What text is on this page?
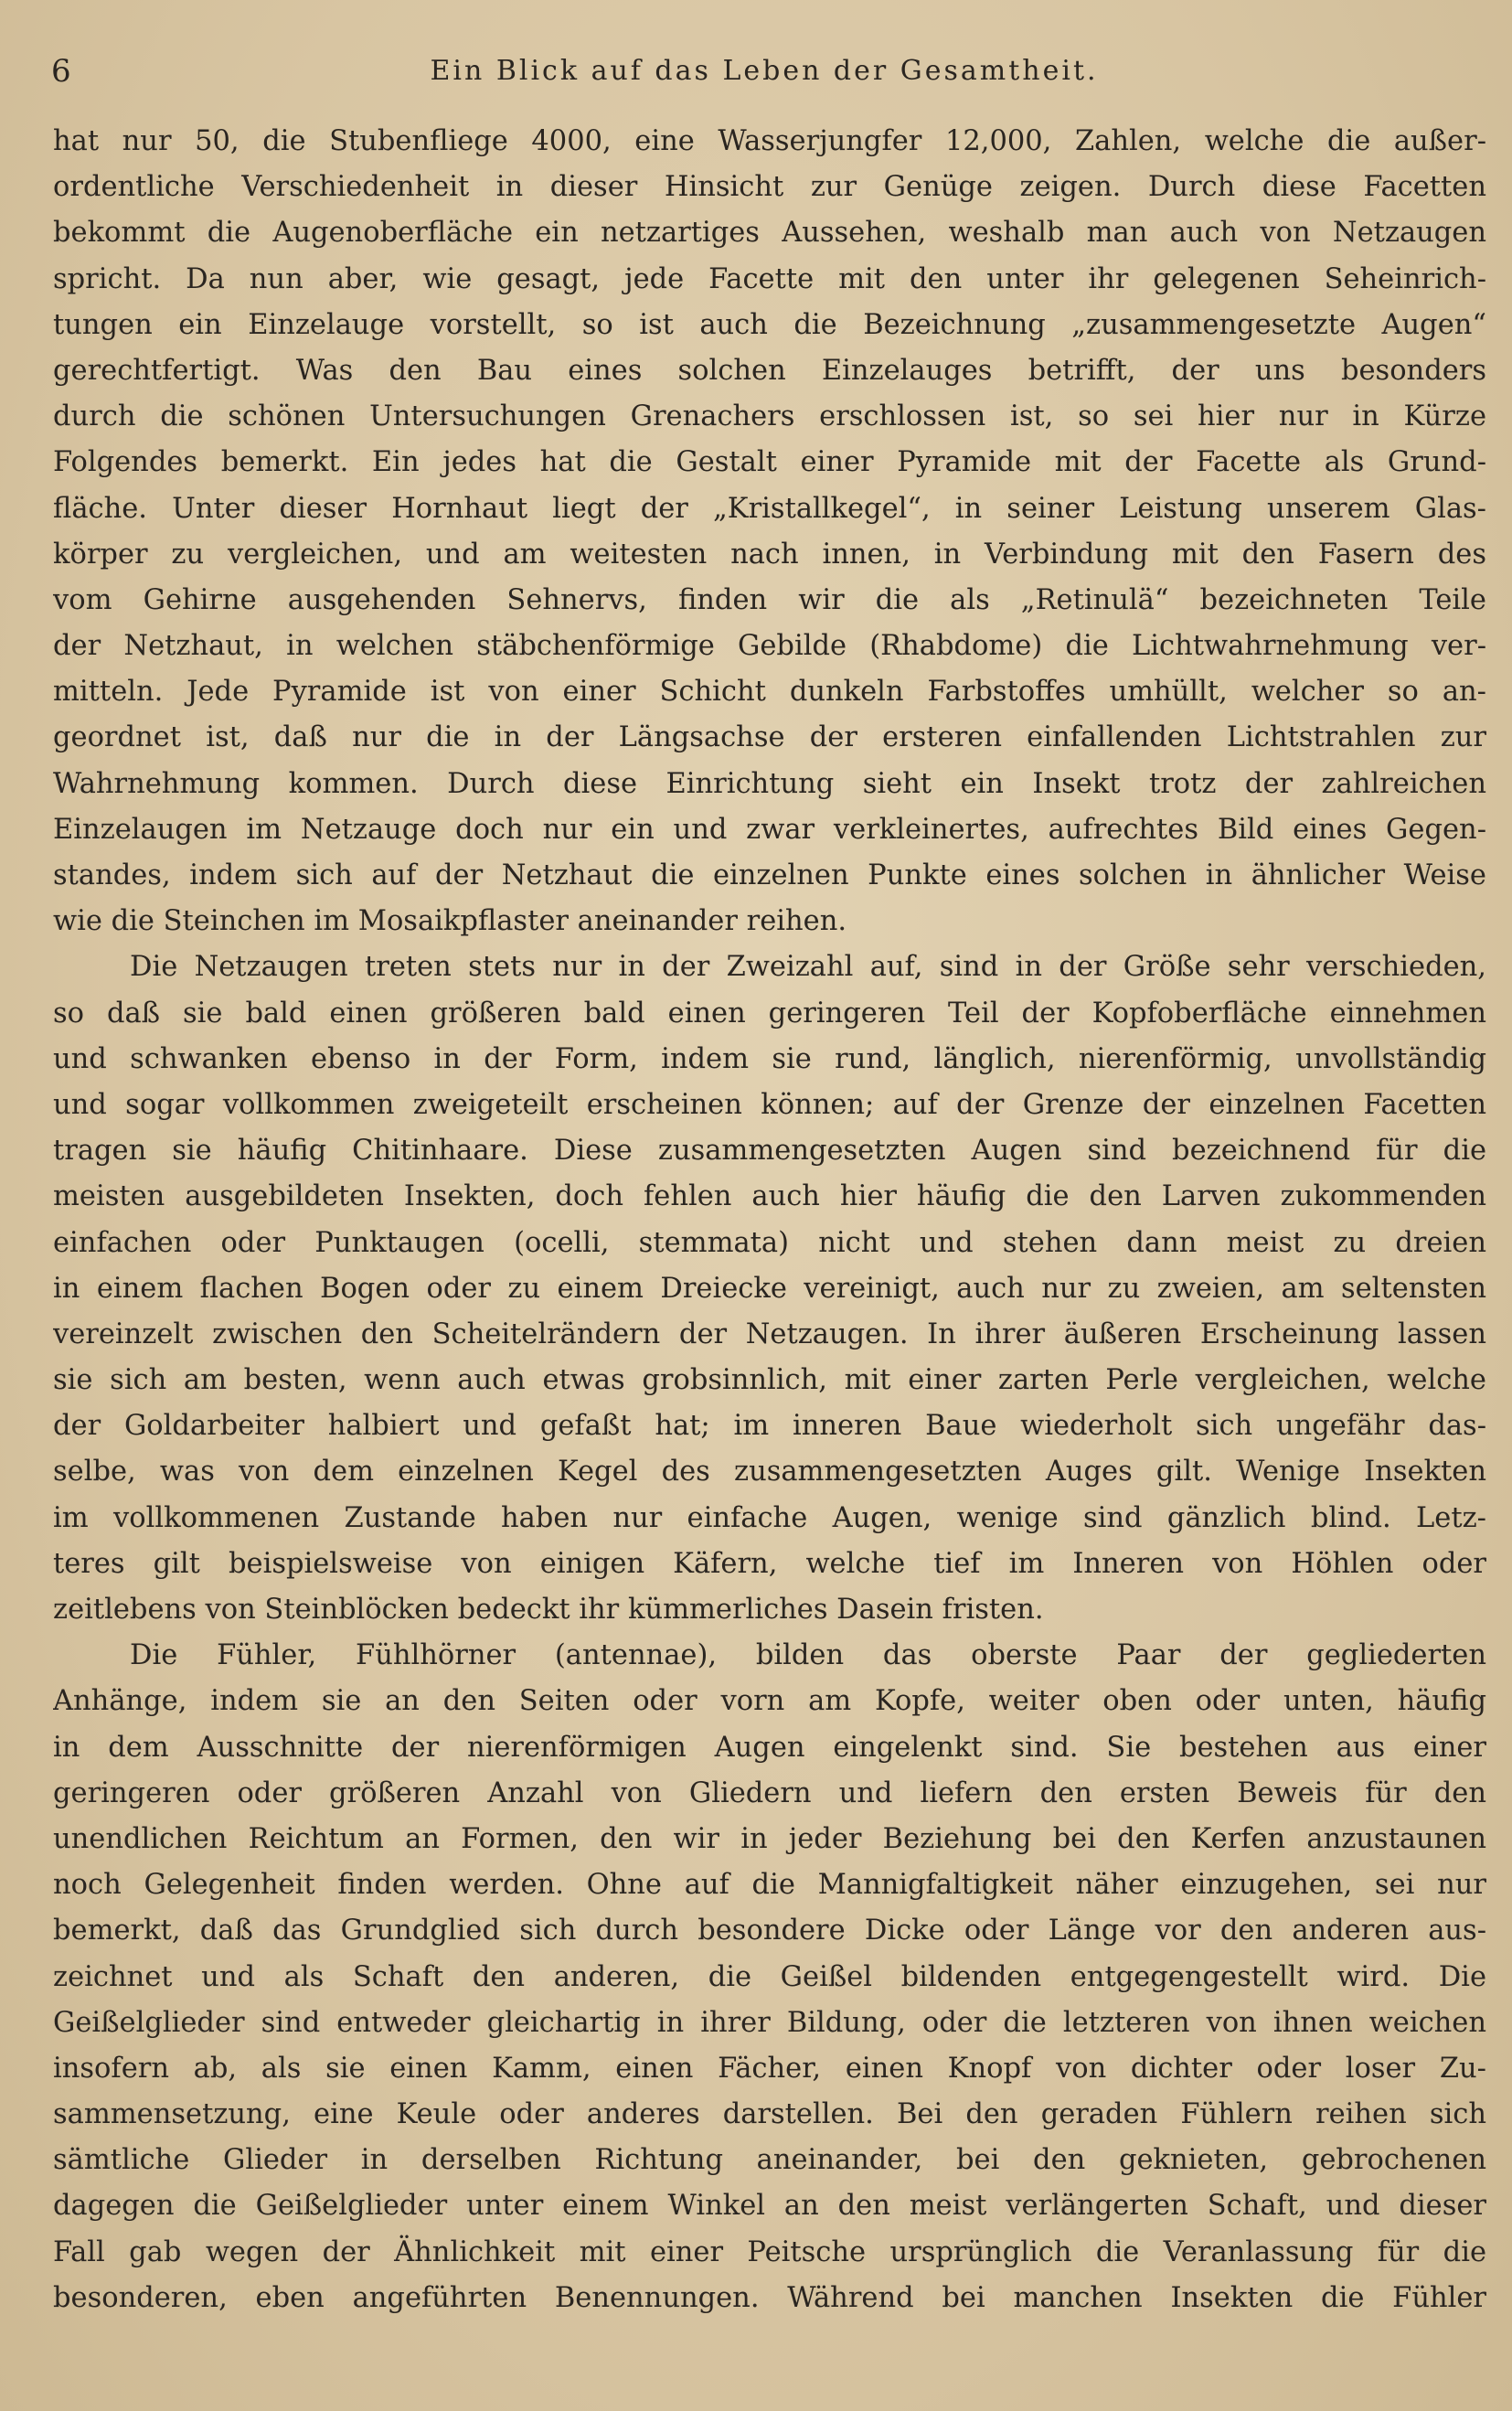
6	Ein Blick auf das Leben der Gesamtheit.
hat nur 50, die Stubenfliege 4000, eine Wasserjungfer 12,000, Zahlen, welche die außer-
ordentliche Verschiedenheit in dieser Hinsicht zur Genüge zeigen. Durch diese Facetten
bekommt die Augenoberfläche ein netzartiges Aussehen, weshalb man auch von Netzaugen
spricht. Da nun aber, wie gesagt, jede Facette mit den unter ihr gelegenen Seheinrich-
tungen ein Einzelauge vorstellt, so ist auch die Bezeichnung „zusammengesetzte Augen“
gerechtfertigt. Was den Bau eines solchen Einzelauges betrifft, der uns besonders
durch die schönen Untersuchungen Grenachers erschlossen ist, so sei hier nur in Kürze
Folgendes bemerkt. Ein jedes hat die Gestalt einer Pyramide mit der Facette als Grund-
fläche. Unter dieser Hornhaut liegt der „Kristallkegel“, in seiner Leistung unserem Glas-
körper zu vergleichen, und am weitesten nach innen, in Verbindung mit den Fasern des
vom Gehirne ausgehenden Sehnervs, finden wir die als „Retinulä“ bezeichneten Teile
der Netzhaut, in welchen stäbchenförmige Gebilde (Rhabdome) die Lichtwahrnehmung ver-
mitteln. Jede Pyramide ist von einer Schicht dunkeln Farbstoffes umhüllt, welcher so an-
geordnet ist, daß nur die in der Längsachse der ersteren einfallenden Lichtstrahlen zur
Wahrnehmung kommen. Durch diese Einrichtung sieht ein Insekt trotz der zahlreichen
Einzelaugen im Netzauge doch nur ein und zwar verkleinertes, aufrechtes Bild eines Gegen-
standes, indem sich auf der Netzhaut die einzelnen Punkte eines solchen in ähnlicher Weise
wie die Steinchen im Mosaikpflaster aneinander reihen.
Die Netzaugen treten stets nur in der Zweizahl auf, sind in der Größe sehr verschieden,
so daß sie bald einen größeren bald einen geringeren Teil der Kopfoberfläche einnehmen
und schwanken ebenso in der Form, indem sie rund, länglich, nierenförmig, unvollständig
und sogar vollkommen zweigeteilt erscheinen können; auf der Grenze der einzelnen Facetten
tragen sie häufig Chitinhaare. Diese zusammengesetzten Augen sind bezeichnend für die
meisten ausgebildeten Insekten, doch fehlen auch hier häufig die den Larven zukommenden
einfachen oder Punktaugen (ocelli, stemmata) nicht und stehen dann meist zu dreien
in einem flachen Bogen oder zu einem Dreiecke vereinigt, auch nur zu zweien, am seltensten
vereinzelt zwischen den Scheitelrändern der Netzaugen. In ihrer äußeren Erscheinung lassen
sie sich am besten, wenn auch etwas grobsinnlich, mit einer zarten Perle vergleichen, welche
der Goldarbeiter halbiert und gefaßt hat; im inneren Baue wiederholt sich ungefähr das-
selbe, was von dem einzelnen Kegel des zusammengesetzten Auges gilt. Wenige Insekten
im vollkommenen Zustande haben nur einfache Augen, wenige sind gänzlich blind. Letz-
teres gilt beispielsweise von einigen Käfern, welche tief im Inneren von Höhlen oder
zeitlebens von Steinblöcken bedeckt ihr kümmerliches Dasein fristen.
Die Fühler, Fühlhörner (antennae), bilden das oberste Paar der gegliederten
Anhänge, indem sie an den Seiten oder vorn am Kopfe, weiter oben oder unten, häufig
in dem Ausschnitte der nierenförmigen Augen eingelenkt sind. Sie bestehen aus einer
geringeren oder größeren Anzahl von Gliedern und liefern den ersten Beweis für den
unendlichen Reichtum an Formen, den wir in jeder Beziehung bei den Kerfen anzustaunen
noch Gelegenheit finden werden. Ohne auf die Mannigfaltigkeit näher einzugehen, sei nur
bemerkt, daß das Grundglied sich durch besondere Dicke oder Länge vor den anderen aus-
zeichnet und als Schaft den anderen, die Geißel bildenden entgegengestellt wird. Die
Geißelglieder sind entweder gleichartig in ihrer Bildung, oder die letzteren von ihnen weichen
insofern ab, als sie einen Kamm, einen Fächer, einen Knopf von dichter oder loser Zu-
sammensetzung, eine Keule oder anderes darstellen. Bei den geraden Fühlern reihen sich
sämtliche Glieder in derselben Richtung aneinander, bei den geknieten, gebrochenen
dagegen die Geißelglieder unter einem Winkel an den meist verlängerten Schaft, und dieser
Fall gab wegen der Ähnlichkeit mit einer Peitsche ursprünglich die Veranlassung für die
besonderen, eben angeführten Benennungen. Während bei manchen Insekten die Fühler
